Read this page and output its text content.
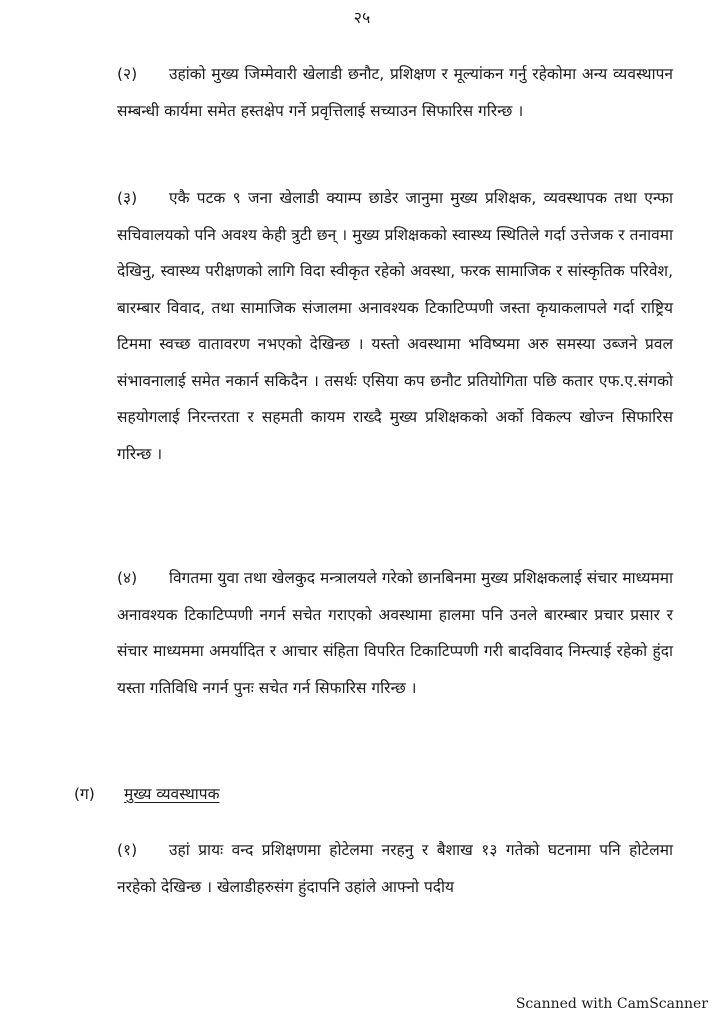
२५

(२) उहांको मुख्य जिम्मेवारी खेलाडी छनौट, प्रशिक्षण र मूल्यांकन गर्नु रहेकोमा अन्य व्यवस्थापन सम्बन्धी कार्यमा समेत हस्तक्षेप गर्ने प्रवृत्तिलाई सच्याउन सिफारिस गरिन्छ ।

(३) एकै पटक ९ जना खेलाडी क्याम्प छाडेर जानुमा मुख्य प्रशिक्षक, व्यवस्थापक तथा एन्फा सचिवालयको पनि अवश्य केही त्रुटी छन् । मुख्य प्रशिक्षकको स्वास्थ्य स्थितिले गर्दा उत्तेजक र तनावमा देखिनु, स्वास्थ्य परीक्षणको लागि विदा स्वीकृत रहेको अवस्था, फरक सामाजिक र सांस्कृतिक परिवेश, बारम्बार विवाद, तथा सामाजिक संजालमा अनावश्यक टिकाटिप्पणी जस्ता कृयाकलापले गर्दा राष्ट्रिय टिममा स्वच्छ वातावरण नभएको देखिन्छ । यस्तो अवस्थामा भविष्यमा अरु समस्या उब्जने प्रवल संभावनालाई समेत नकार्न सकिदैन । तसर्थः एसिया कप छनौट प्रतियोगिता पछि कतार एफ.ए.संगको सहयोगलाई निरन्तरता र सहमती कायम राख्दै मुख्य प्रशिक्षकको अर्को विकल्प खोज्न सिफारिस गरिन्छ ।

(४) विगतमा युवा तथा खेलकुद मन्त्रालयले गरेको छानबिनमा मुख्य प्रशिक्षकलाई संचार माध्यममा अनावश्यक टिकाटिप्पणी नगर्न सचेत गराएको अवस्थामा हालमा पनि उनले बारम्बार प्रचार प्रसार र संचार माध्यममा अमर्यादित र आचार संहिता विपरित टिकाटिप्पणी गरी बादविवाद निम्त्याई रहेको हुंदा यस्ता गतिविधि नगर्न पुनः सचेत गर्न सिफारिस गरिन्छ ।

(ग) मुख्य व्यवस्थापक

(१) उहां प्रायः वन्द प्रशिक्षणमा होटेलमा नरहनु र बैशाख १३ गतेको घटनामा पनि होटेलमा नरहेको देखिन्छ । खेलाडीहरुसंग हुंदापनि उहांले आफ्नो पदीय

Scanned with CamScanner
